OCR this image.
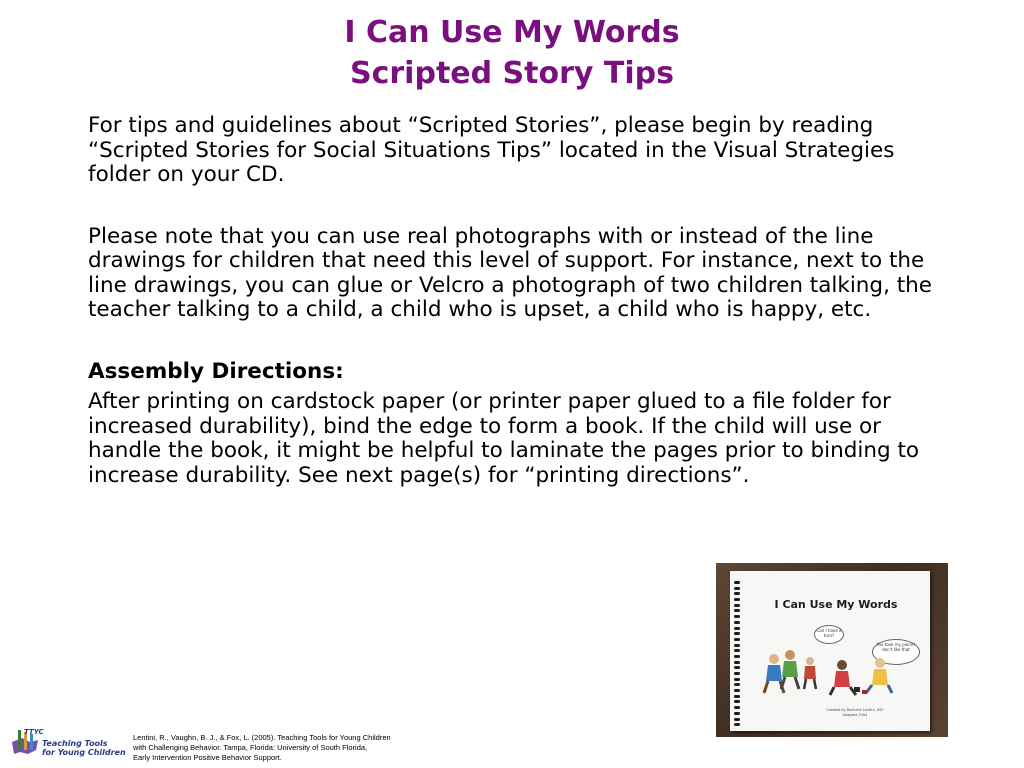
I Can Use My Words
Scripted Story Tips

For tips and guidelines about “Scripted Stories”, please begin by reading “Scripted Stories for Social Situations Tips” located in the Visual Strategies folder on your CD.

Please note that you can use real photographs with or instead of the line drawings for children that need this level of support. For instance, next to the line drawings, you can glue or Velcro a photograph of two children talking, the teacher talking to a child, a child who is upset, a child who is happy, etc.

Assembly Directions:

After printing on cardstock paper (or printer paper glued to a file folder for increased durability), bind the edge to form a book. If the child will use or handle the book, it might be helpful to laminate the pages prior to binding to increase durability. See next page(s) for “printing directions”.

I Can Use My Words
Can I have a turn?
You took my piece I don't like that
Created by Rochelle Lentini, USF
Adapted 2004
TTYC
Teaching Tools
for Young Children
Lentini, R., Vaughn, B. J., & Fox, L. (2005). Teaching Tools for Young Children
with Challenging Behavior. Tampa, Florida: University of South Florida,
Early Intervention Positive Behavior Support.
